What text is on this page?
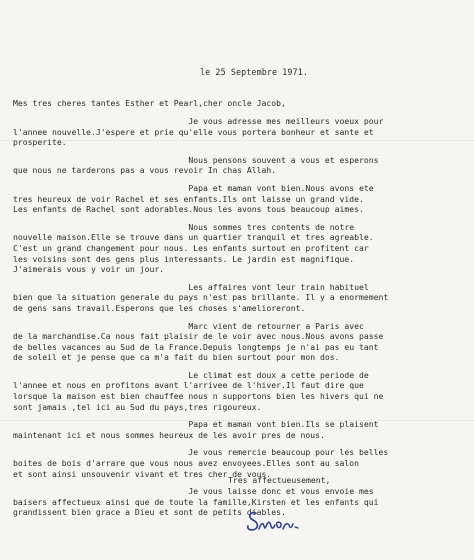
le 25 Septembre 1971.
Mes tres cheres tantes Esther et Pearl,cher oncle Jacob,
Je vous adresse mes meilleurs voeux pour
l'annee nouvelle.J'espere et prie qu'elle vous portera bonheur et sante et
prosperite.
Nous pensons souvent a vous et esperons
que nous ne tarderons pas a vous revoir In chas Allah.
Papa et maman vont bien.Nous avons ete
tres heureux de voir Rachel et ses enfants.Ils ont laisse un grand vide.
Les enfants de Rachel sont adorables.Nous les avons tous beaucoup aimes.
Nous sommes tres contents de notre
nouvelle maison.Elle se trouve dans un quartier tranquil et tres agreable.
C'est un grand changement pour nous. Les enfants surtout en profitent car
les voisins sont des gens plus interessants. Le jardin est magnifique.
J'aimerais vous y voir un jour.
Les affaires vont leur train habituel
bien que la situation generale du pays n'est pas brillante. Il y a enormement
de gens sans travail.Esperons que les choses s'amelioreront.
Marc vient de retourner a Paris avec
de la marchandise.Ca nous fait plaisir de le voir avec nous.Nous avons passe
de belles vacances au Sud de la France.Depuis longtemps je n'ai pas eu tant
de soleil et je pense que ca m'a fait du bien surtout pour mon dos.
Le climat est doux a cette periode de
l'annee et nous en profitons avant l'arrivee de l'hiver.Il faut dire que
lorsque la maison est bien chauffee nous n supportons bien les hivers qui ne
sont jamais ,tel ici au Sud du pays,tres rigoureux.
Papa et maman vont bien.Ils se plaisent
maintenant ici et nous sommes heureux de les avoir pres de nous.
Je vous remercie beaucoup pour les belles
boites de bois d'arrare que vous nous avez envoyees.Elles sont au salon
et sont ainsi unsouvenir vivant et tres cher de vous.
Je vous laisse donc et vous envoie mes
baisers affectueux ainsi que de toute la famille,Kirsten et les enfants qui
grandissent bien grace a Dieu et sont de petits diables.
Tres affectueusement,
